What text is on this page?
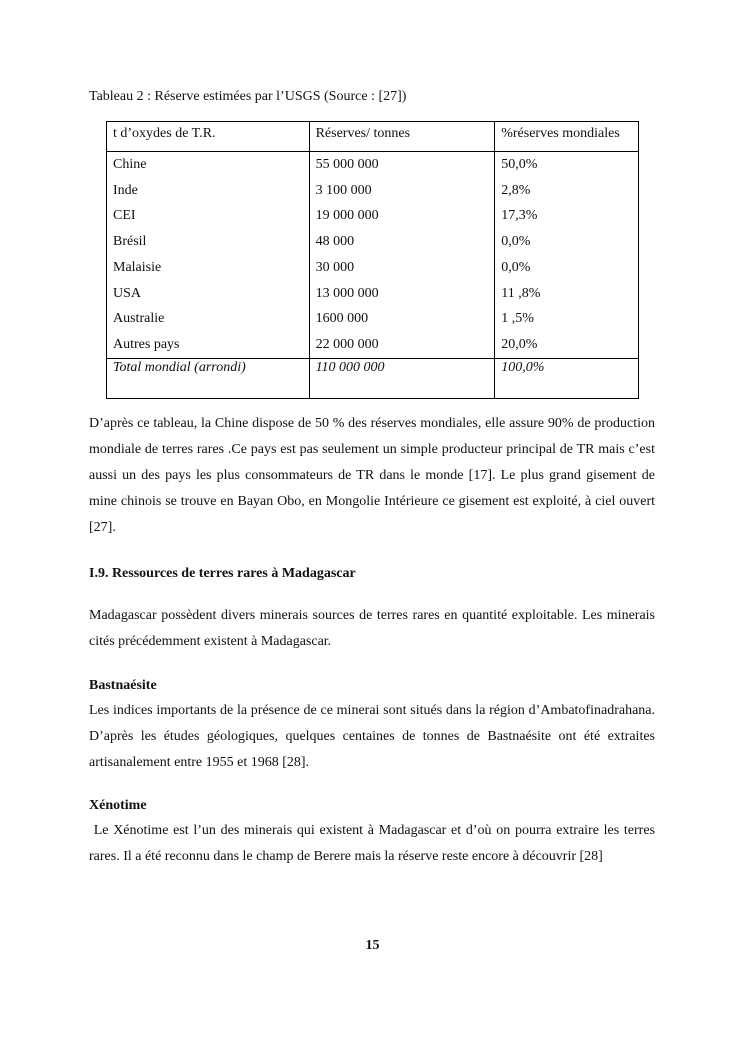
Tableau 2 : Réserve estimées par l’USGS (Source : [27])
t d’oxydes de T.R.	Réserves/ tonnes	%réserves mondiales
Chine	55 000 000	50,0%
Inde	3 100 000	2,8%
CEI	19 000 000	17,3%
Brésil	48 000	0,0%
Malaisie	30 000	0,0%
USA	13 000 000	11 ,8%
Australie	1600 000	1 ,5%
Autres pays	22 000 000	20,0%
Total mondial (arrondi)	110 000 000	100,0%
D’après ce tableau, la Chine dispose de 50 % des réserves mondiales, elle assure 90% de production mondiale de terres rares .Ce pays est pas seulement un simple producteur principal de TR mais c’est aussi un des pays les plus consommateurs de TR dans le monde [17]. Le plus grand gisement de mine chinois se trouve en Bayan Obo, en Mongolie Intérieure ce gisement est exploité, à ciel ouvert [27].
I.9. Ressources de terres rares à Madagascar
Madagascar possèdent divers minerais sources de terres rares en quantité exploitable. Les minerais cités précédemment existent à Madagascar.
Bastnaésite
Les indices importants de la présence de ce minerai sont situés dans la région d’Ambatofinadrahana. D’après les études géologiques, quelques centaines de tonnes de Bastnaésite ont été extraites artisanalement entre 1955 et 1968 [28].
Xénotime
Le Xénotime est l’un des minerais qui existent à Madagascar et d’où on pourra extraire les terres rares. Il a été reconnu dans le champ de Berere mais la réserve reste encore à découvrir [28]
15
